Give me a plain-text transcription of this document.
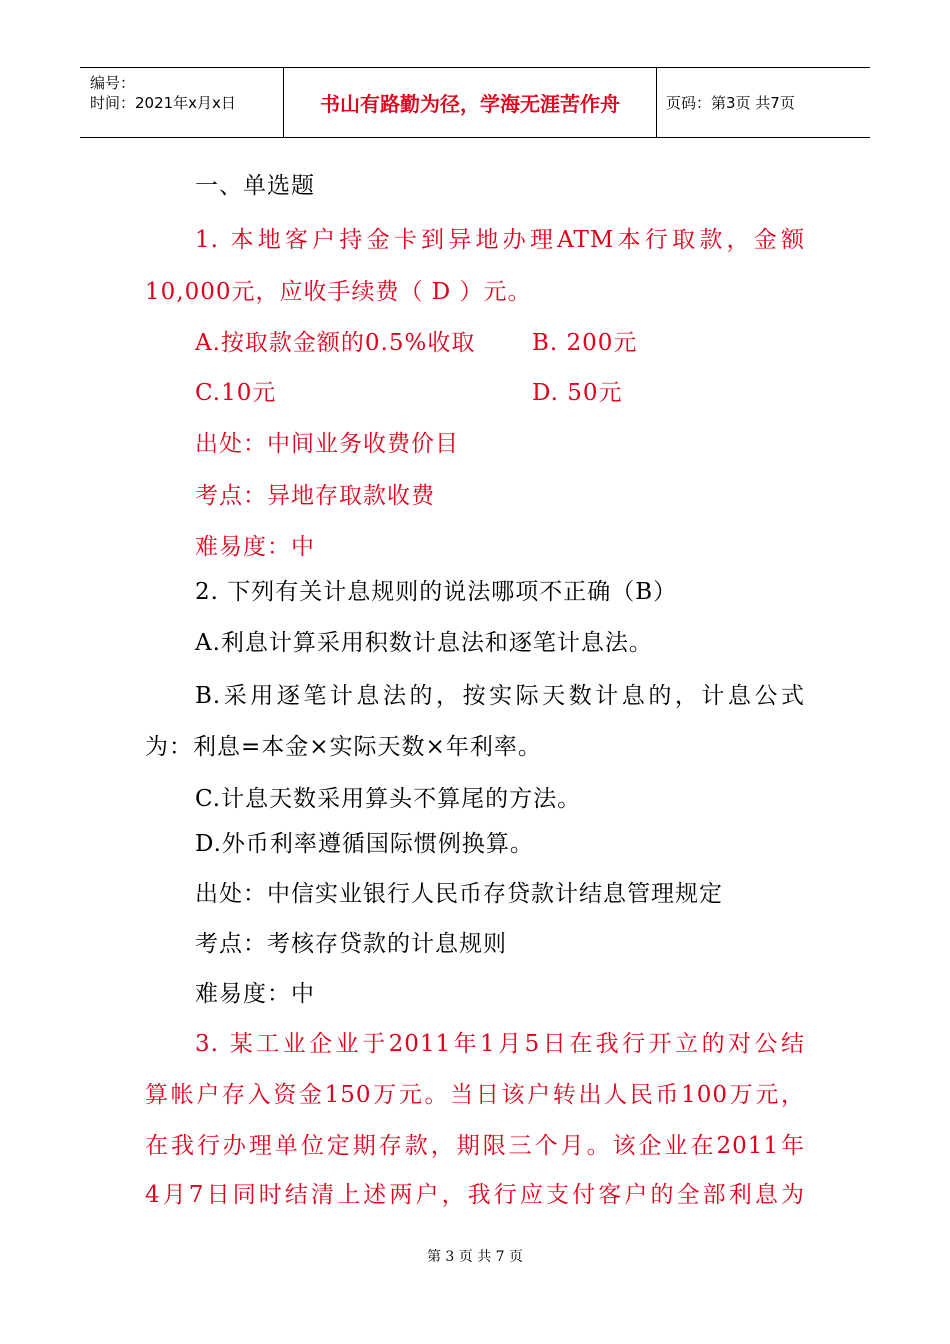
编号：
时间：2021年x月x日	书山有路勤为径，学海无涯苦作舟	页码：第3页 共7页
一、单选题
1. 本地客户持金卡到异地办理ATM本行取款，金额
10,000元，应收手续费（ D ）元。
A.按取款金额的0.5%收取 B. 200元
C.10元	D. 50元
出处：中间业务收费价目
考点：异地存取款收费
难易度：中
2. 下列有关计息规则的说法哪项不正确（B）
A.利息计算采用积数计息法和逐笔计息法。
B.采用逐笔计息法的，按实际天数计息的，计息公式
为：利息=本金×实际天数×年利率。
C.计息天数采用算头不算尾的方法。
D.外币利率遵循国际惯例换算。
出处：中信实业银行人民币存贷款计结息管理规定
考点：考核存贷款的计息规则
难易度：中
3. 某工业企业于2011年1月5日在我行开立的对公结
算帐户存入资金150万元。当日该户转出人民币100万元，
在我行办理单位定期存款，期限三个月。该企业在2011年
4月7日同时结清上述两户，我行应支付客户的全部利息为
第 3 页 共 7 页
